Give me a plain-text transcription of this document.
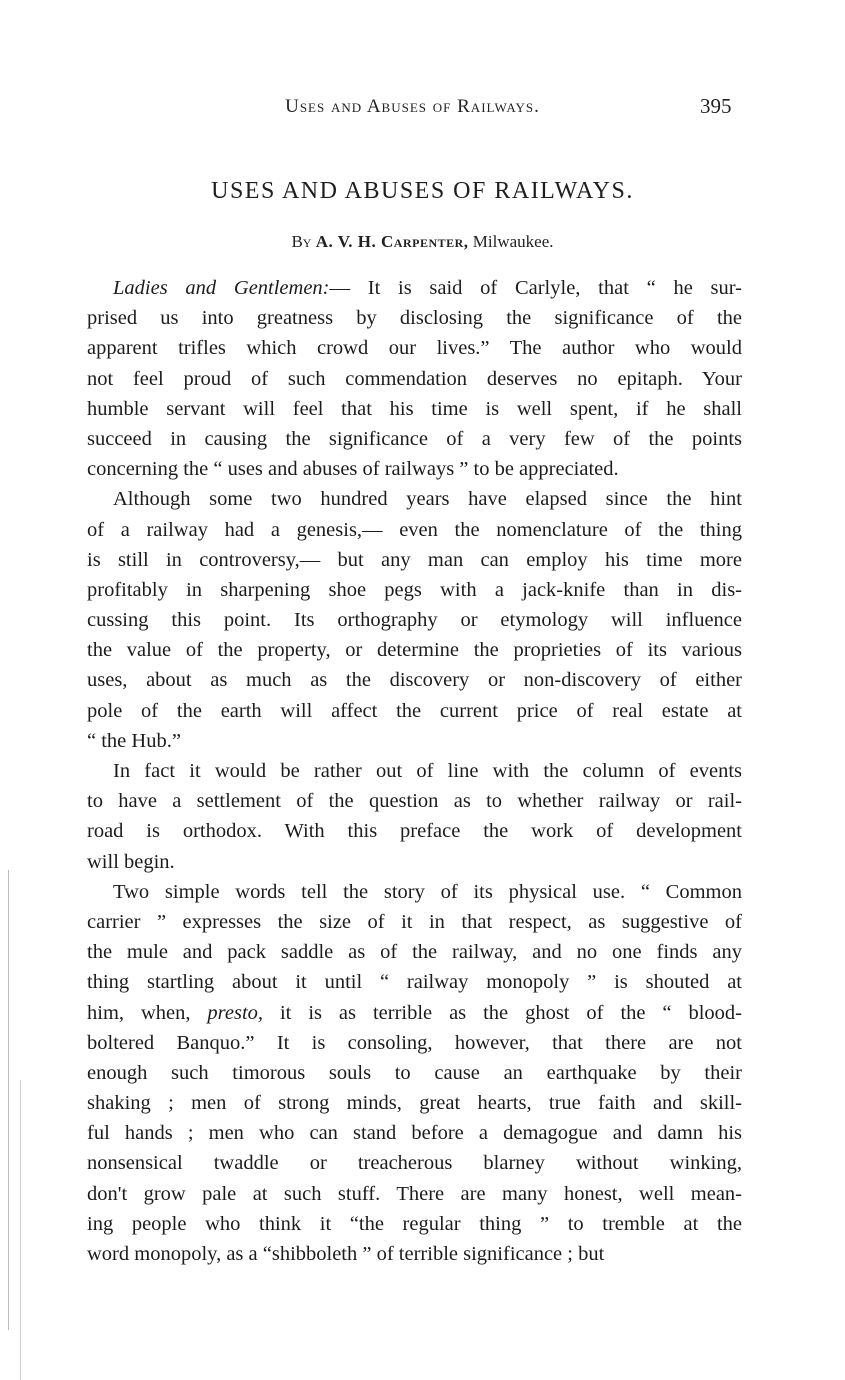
Uses and Abuses of Railways.	395
USES AND ABUSES OF RAILWAYS.
By A. V. H. Carpenter, Milwaukee.
Ladies and Gentlemen:— It is said of Carlyle, that “ he sur-
prised us into greatness by disclosing the significance of the
apparent trifles which crowd our lives.” The author who would
not feel proud of such commendation deserves no epitaph. Your
humble servant will feel that his time is well spent, if he shall
succeed in causing the significance of a very few of the points
concerning the “ uses and abuses of railways ” to be appreciated.
Although some two hundred years have elapsed since the hint
of a railway had a genesis,— even the nomenclature of the thing
is still in controversy,— but any man can employ his time more
profitably in sharpening shoe pegs with a jack-knife than in dis-
cussing this point. Its orthography or etymology will influence
the value of the property, or determine the proprieties of its various
uses, about as much as the discovery or non-discovery of either
pole of the earth will affect the current price of real estate at
“ the Hub.”
In fact it would be rather out of line with the column of events
to have a settlement of the question as to whether railway or rail-
road is orthodox. With this preface the work of development
will begin.
Two simple words tell the story of its physical use. “ Common
carrier ” expresses the size of it in that respect, as suggestive of
the mule and pack saddle as of the railway, and no one finds any
thing startling about it until “ railway monopoly ” is shouted at
him, when, presto, it is as terrible as the ghost of the “ blood-
boltered Banquo.” It is consoling, however, that there are not
enough such timorous souls to cause an earthquake by their
shaking ; men of strong minds, great hearts, true faith and skill-
ful hands ; men who can stand before a demagogue and damn his
nonsensical twaddle or treacherous blarney without winking,
don't grow pale at such stuff. There are many honest, well mean-
ing people who think it “the regular thing ” to tremble at the
word monopoly, as a “shibboleth ” of terrible significance ; but
